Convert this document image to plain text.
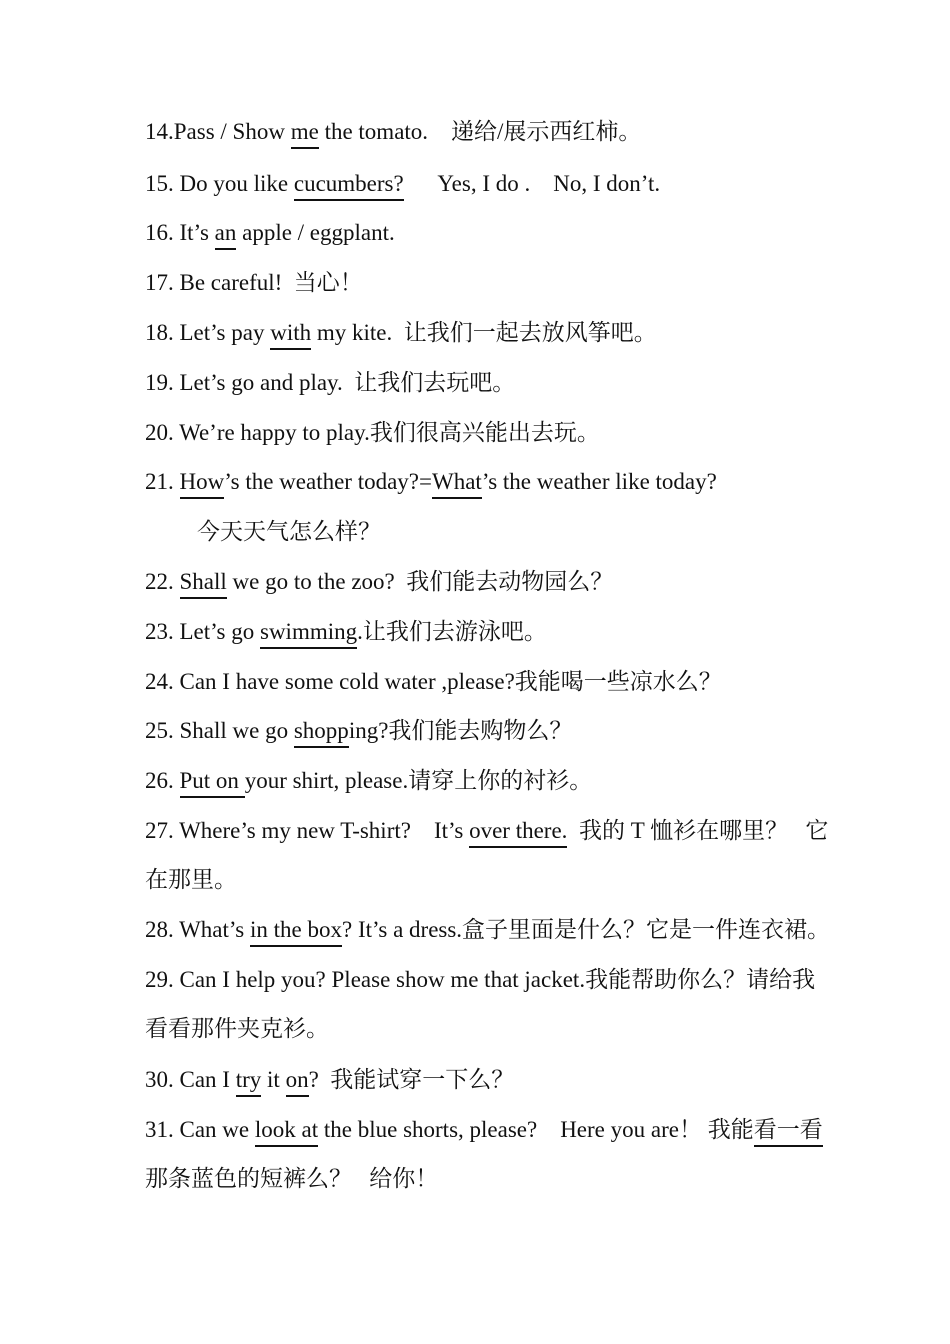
14.Pass / Show me the tomato.    递给/展示西红柿。
15. Do you like cucumbers?      Yes, I do .    No, I don’t.
16. It’s an apple / eggplant.
17. Be careful!  当心！
18. Let’s pay with my kite.  让我们一起去放风筝吧。
19. Let’s go and play.  让我们去玩吧。
20. We’re happy to play.我们很高兴能出去玩。
21. How’s the weather today?=What’s the weather like today?
今天天气怎么样？
22. Shall we go to the zoo?  我们能去动物园么？
23. Let’s go swimming.让我们去游泳吧。
24. Can I have some cold water ,please?我能喝一些凉水么？
25. Shall we go shopping?我们能去购物么？
26. Put on your shirt, please.请穿上你的衬衫。
27. Where’s my new T-shirt?    It’s over there.  我的 T 恤衫在哪里？   它
在那里。
28. What’s in the box? It’s a dress.盒子里面是什么？它是一件连衣裙。
29. Can I help you? Please show me that jacket.我能帮助你么？请给我
看看那件夹克衫。
30. Can I try it on?  我能试穿一下么？
31. Can we look at the blue shorts, please?    Here you are！ 我能看一看
那条蓝色的短裤么？   给你！
